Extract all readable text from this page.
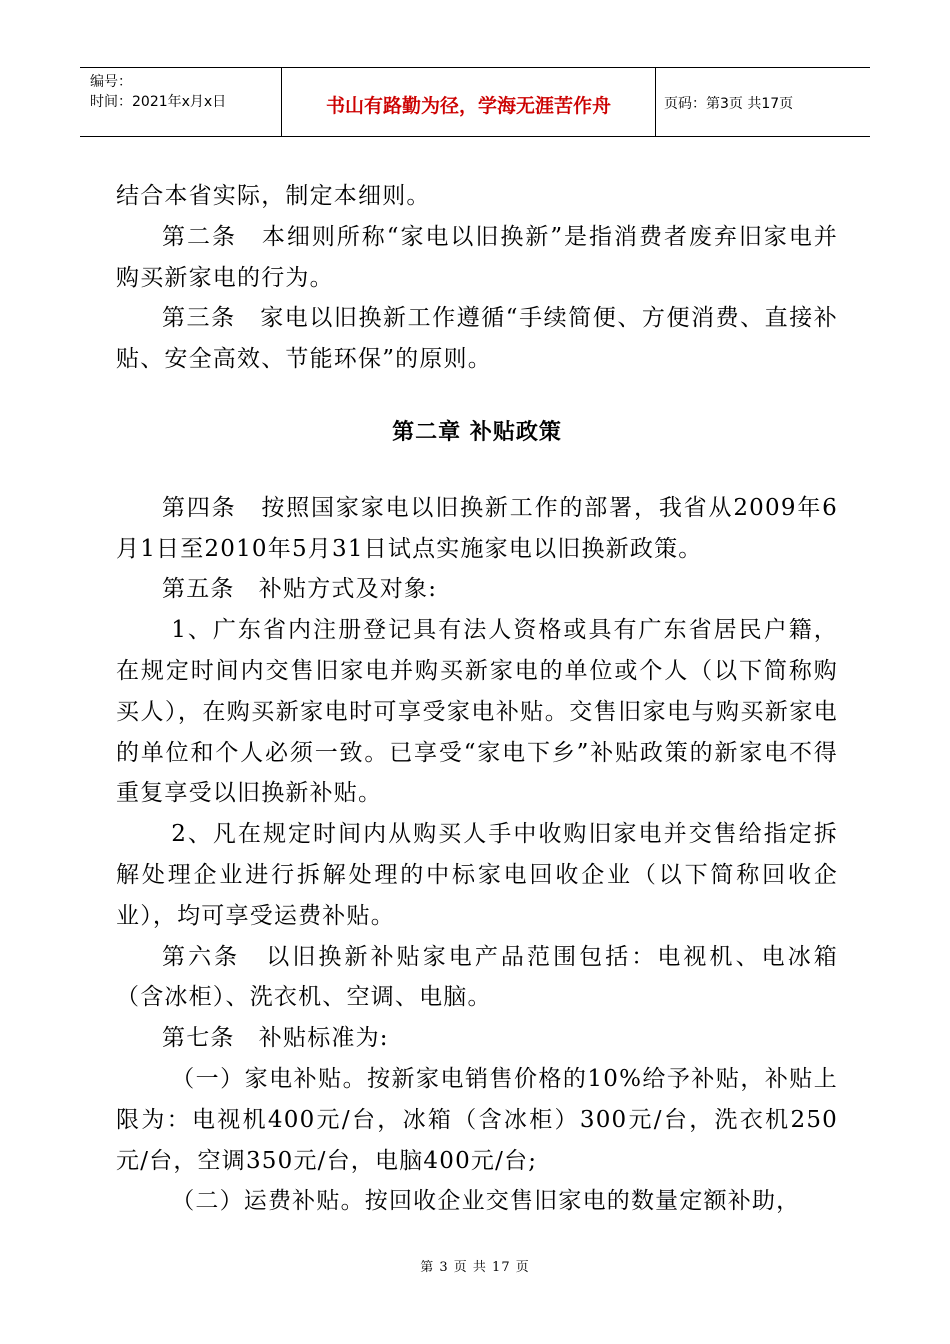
编号：
时间：2021年x月x日	书山有路勤为径，学海无涯苦作舟	页码：第3页 共17页

结合本省实际，制定本细则。

第二条　本细则所称“家电以旧换新”是指消费者废弃旧家电并购买新家电的行为。

第三条　家电以旧换新工作遵循“手续简便、方便消费、直接补贴、安全高效、节能环保”的原则。

第二章 补贴政策

第四条　按照国家家电以旧换新工作的部署，我省从2009年6月1日至2010年5月31日试点实施家电以旧换新政策。

第五条　补贴方式及对象:

1、广东省内注册登记具有法人资格或具有广东省居民户籍，在规定时间内交售旧家电并购买新家电的单位或个人（以下简称购买人），在购买新家电时可享受家电补贴。交售旧家电与购买新家电的单位和个人必须一致。已享受“家电下乡”补贴政策的新家电不得重复享受以旧换新补贴。

2、凡在规定时间内从购买人手中收购旧家电并交售给指定拆解处理企业进行拆解处理的中标家电回收企业（以下简称回收企业），均可享受运费补贴。

第六条　以旧换新补贴家电产品范围包括：电视机、电冰箱（含冰柜）、洗衣机、空调、电脑。

第七条　补贴标准为:

（一）家电补贴。按新家电销售价格的10%给予补贴，补贴上限为：电视机400元/台，冰箱（含冰柜）300元/台，洗衣机250元/台，空调350元/台，电脑400元/台;

（二）运费补贴。按回收企业交售旧家电的数量定额补助，

第 3 页 共 17 页
